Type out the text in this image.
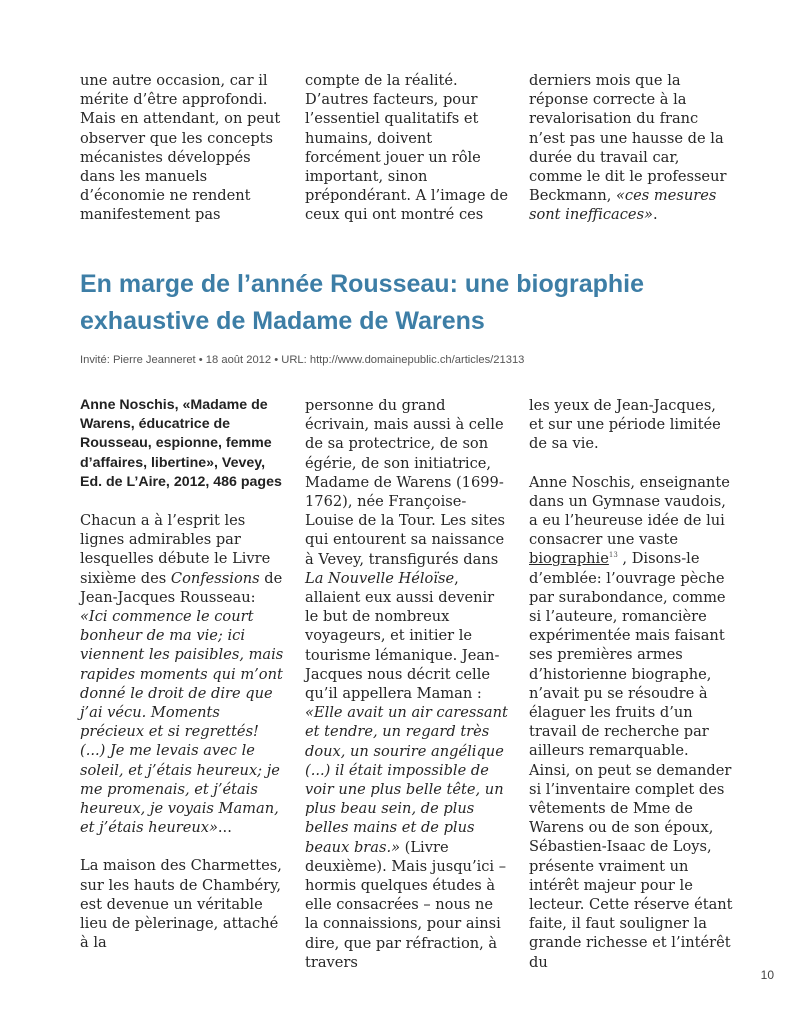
une autre occasion, car il mérite d’être approfondi. Mais en attendant, on peut observer que les concepts mécanistes développés dans les manuels d’économie ne rendent manifestement pas

compte de la réalité. D’autres facteurs, pour l’essentiel qualitatifs et humains, doivent forcément jouer un rôle important, sinon prépondérant. A l’image de ceux qui ont montré ces

derniers mois que la réponse correcte à la revalorisation du franc n’est pas une hausse de la durée du travail car, comme le dit le professeur Beckmann, «ces mesures sont inefficaces».

En marge de l’année Rousseau: une biographie exhaustive de Madame de Warens
Invité: Pierre Jeanneret • 18 août 2012 • URL: http://www.domainepublic.ch/articles/21313

Anne Noschis, «Madame de Warens, éducatrice de Rousseau, espionne, femme d’affaires, libertine», Vevey, Ed. de L’Aire, 2012, 486 pages

Chacun a à l’esprit les lignes admirables par lesquelles débute le Livre sixième des Confessions de Jean-Jacques Rousseau: «Ici commence le court bonheur de ma vie; ici viennent les paisibles, mais rapides moments qui m’ont donné le droit de dire que j’ai vécu. Moments précieux et si regrettés! (...) Je me levais avec le soleil, et j’étais heureux; je me promenais, et j’étais heureux, je voyais Maman, et j’étais heureux»...

La maison des Charmettes, sur les hauts de Chambéry, est devenue un véritable lieu de pèlerinage, attaché à la

personne du grand écrivain, mais aussi à celle de sa protectrice, de son égérie, de son initiatrice, Madame de Warens (1699-1762), née Françoise-Louise de la Tour. Les sites qui entourent sa naissance à Vevey, transfigurés dans La Nouvelle Héloïse, allaient eux aussi devenir le but de nombreux voyageurs, et initier le tourisme lémanique. Jean-Jacques nous décrit celle qu’il appellera Maman : «Elle avait un air caressant et tendre, un regard très doux, un sourire angélique (...) il était impossible de voir une plus belle tête, un plus beau sein, de plus belles mains et de plus beaux bras.» (Livre deuxième). Mais jusqu’ici – hormis quelques études à elle consacrées – nous ne la connaissions, pour ainsi dire, que par réfraction, à travers

les yeux de Jean-Jacques, et sur une période limitée de sa vie.

Anne Noschis, enseignante dans un Gymnase vaudois, a eu l’heureuse idée de lui consacrer une vaste biographie$^{13}$ , Disons-le d’emblée: l’ouvrage pèche par surabondance, comme si l’auteure, romancière expérimentée mais faisant ses premières armes d’historienne biographe, n’avait pu se résoudre à élaguer les fruits d’un travail de recherche par ailleurs remarquable. Ainsi, on peut se demander si l’inventaire complet des vêtements de Mme de Warens ou de son époux, Sébastien-Isaac de Loys, présente vraiment un intérêt majeur pour le lecteur. Cette réserve étant faite, il faut souligner la grande richesse et l’intérêt du

10
